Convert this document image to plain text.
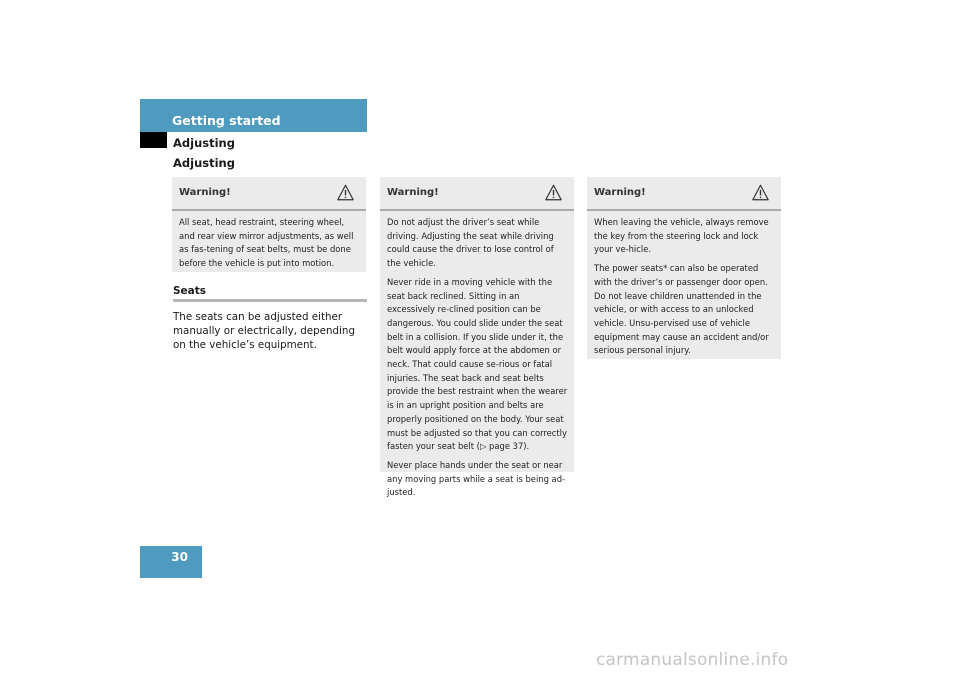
Getting started
Adjusting
Adjusting
Warning!

All seat, head restraint, steering wheel, and rear view mirror adjustments, as well as fas-tening of seat belts, must be done before the vehicle is put into motion.

Warning!

Do not adjust the driver’s seat while driving. Adjusting the seat while driving could cause the driver to lose control of the vehicle.

Never ride in a moving vehicle with the seat back reclined. Sitting in an excessively re-clined position can be dangerous. You could slide under the seat belt in a collision. If you slide under it, the belt would apply force at the abdomen or neck. That could cause se-rious or fatal injuries. The seat back and seat belts provide the best restraint when the wearer is in an upright position and belts are properly positioned on the body. Your seat must be adjusted so that you can correctly fasten your seat belt (▷ page 37).

Never place hands under the seat or near any moving parts while a seat is being ad-justed.

Warning!

When leaving the vehicle, always remove the key from the steering lock and lock your ve-hicle.

The power seats* can also be operated with the driver’s or passenger door open. Do not leave children unattended in the vehicle, or with access to an unlocked vehicle. Unsu-pervised use of vehicle equipment may cause an accident and/or serious personal injury.

Seats

The seats can be adjusted either manually or electrically, depending on the vehicle’s equipment.

30
carmanualsonline.info
